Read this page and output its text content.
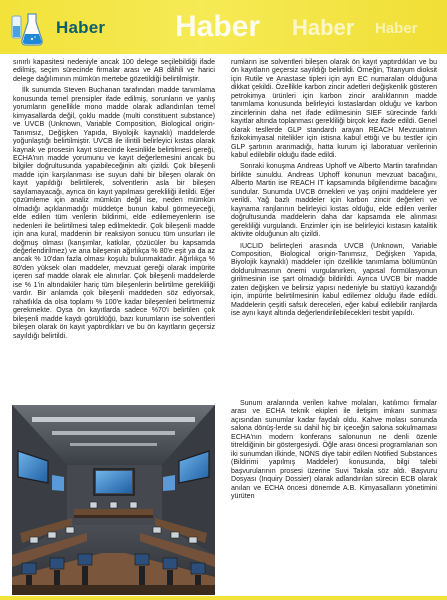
Haber Haber Haber Haber

sınırlı kapasitesi nedeniyle ancak 100 delege seçilebildiği ifade edilmiş, seçim sürecinde firmalar arası ve AB dâhili ve harici delege dağılımının mümkün mertebe gözetildiği belirtilmiştir.

İlk sunumda Steven Buchanan tarafından madde tanımlama konusunda temel prensipler ifade edilmiş, sorunların ve yanlış yorumların genellikle mono madde olarak adlandırılan temel kimyasallarda değil, çoklu madde (multi constituent substance) ve UVCB (Unknown, Variable Composition, Biological origin-Tanımsız, Değişken Yapıda, Biyolojik kaynaklı) maddelerde yoğunlaştığı belirtilmiştir. UVCB ile ilintili belirleyici kıstas olarak kaynak ve prosesin kayıt sürecinde kesinlikle belirtilmesi gereği, ECHA'nın madde yorumunu ve kayıt değerlemesini ancak bu bilgiler doğrultusunda yapabileceğinin altı çizildi. Çok bileşenli madde için karşılanması ise suyun dahi bir bileşen olarak ön kayıt yapıldığı belirtilerek, solventlerin asla bir bileşen sayılamayacağı, ayrıca ön kayıt yapılması gerekliliği iletildi. Eğer çözümleme için analiz mümkün değil ise, neden mümkün olmadığı açıklanmadığı müddetçe bunun kabul görmeyeceği, elde edilen tüm verilerin bildirimi, elde edilemeyenlerin ise nedenleri ile belirtilmesi talep edilmektedir. Çok bileşenli madde için ana kural, maddenin bir reaksiyon sonucu tüm unsurları ile doğmuş olması (karışımlar, katkılar, çözücüler bu kapsamda değerlendirilmez) ve ana bileşenin ağırlıkça % 80'e eşit ya da az ancak % 10'dan fazla olması koşulu bulunmaktadır. Ağırlıkça % 80'den yüksek olan maddeler, mevzuat gereği olarak impürite içeren saf madde olarak ele alınırlar. Çok bileşenli maddelerde ise % 1'in altındakiler hariç tüm bileşenlerin belirtilme gerekliliği vardır. Bir anlamda çok bileşenli maddeden söz ediyorsak, rahatlıkla da olsa toplamı % 100'e kadar bileşenleri belirtmemiz gerekmekte. Oysa ön kayıtlarda sadece %70'i belirtilen çok bileşenli madde kaydı görüldüğü, bazı kurumların ise solventleri bileşen olarak ön kayıt yaptırdıkları ve bu ön kayıtların geçersiz sayıldığı belirtildi.

rumların ise solventleri bileşen olarak ön kayıt yaptırdıkları ve bu ön kayıtların geçersiz sayıldığı belirtildi. Örneğin, Titanyum dioksit için Rutile ve Anastase tipleri için ayrı EC numaraları olduğuna dikkat çekildi. Özellikle karbon zincir adetleri değişkenlik gösteren petrokimya ürünleri için karbon zincir aralıklarının madde tanımlama konusunda belirleyici kıstaslardan olduğu ve karbon zincirlerinin daha net ifade edilmesinin SIEF sürecinde farklı kayıtlar altında toplanması gerekliliği birçok kez ifade edildi. Genel olarak tesllerde GLP standardı arayan REACH Mevzuatının fizikokimyasal nitelikler için istisna kabul ettiği ve bu testler için GLP şartının aranmadığı, hatta kurum içi laboratuar verilerinin kabul edilebilir olduğu ifade edildi.

Sonraki konuşma Andreas Uphoff ve Alberto Martin tarafından birlikte sunuldu. Andreas Uphoff konunun mevzuat bacağını, Alberto Martin ise REACH IT kapsamında bilgilendirme bacağını sundular. Sunumda UVCB örnekleri ve yaş orijini maddelere yer verildi. Yağ bazlı maddeler için karbon zincir değerleri ve kaynama ranjlarının belirleyici kıstas olduğu, elde edilen veriler doğrultusunda maddelerin daha dar kapsamda ele alınması gerekliliği vurgulandı. Enzimler için ise belirleyici kıstasın katalitik aktivite olduğunun altı çizildi.

IUCLID belirteçleri arasında UVCB (Unknown, Variable Composition, Biological origin-Tanımsız, Değişken Yapıda, Biyolojik kaynaklı) maddeler için özellikle tanımlama bölümünün doldurulmasının önemi vurgulanırken, yapısal formülasyonun girilmesinin ise şart olmadığı bildirildi. Ayrıca UVCB bir madde zaten değişken ve belirsiz yapısı nedeniyle bu statüyü kazandığı için, impürite belirtilmesinin kabul edilemez olduğu ifade edildi. Maddelerin çeşitli safsık dereceleri, eğer kabul edilebilir ranjlarda ise aynı kayıt altında değerlendirilebilecekleri tesbit yapıldı.

Sunum aralarında verilen kahve molaları, katılımcı firmalar arası ve ECHA teknik ekipleri ile iletişim imkanı sunması açısından sunumlar kadar faydalı oldu. Kahve molası sonunda salona dönüş-lerde su dahil hiç bir içeceğin salona sokulmaması ECHA'nın modern konferans salonunun ne denli özenle titreldiğinin bir göstergesiydi. Öğle arası öncesi programlanan son iki sunumdan ilkinde, NONS diye tabir edilen Notified Substances (Bildirimi yapılmış Maddeler) konusunda, bilgi talebi başvurularının prosesi üzerine Suvi Takala söz aldı. Başvuru Dosyası (Inquiry Dossier) olarak adlandırılan sürecin ECB olarak anılan ve ECHA öncesi dönemde A.B. Kimyasalların yönetimini yürüten
